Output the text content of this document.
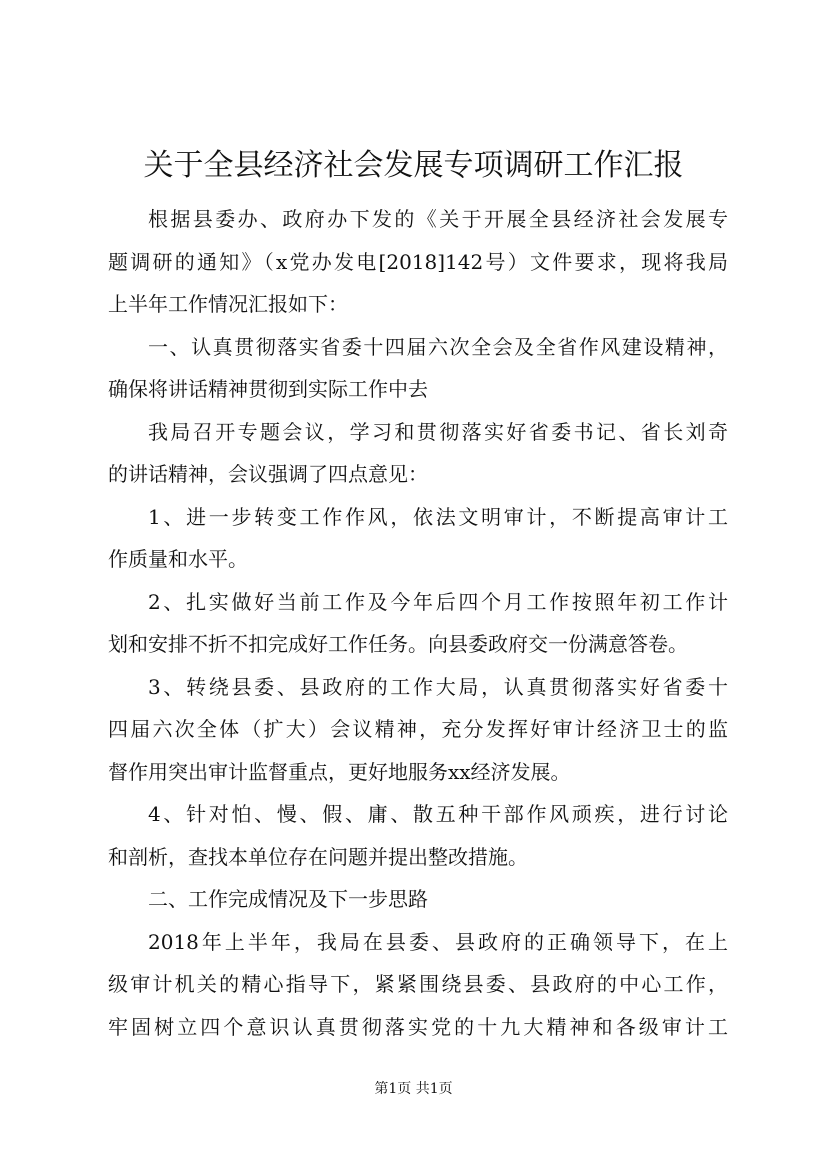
关于全县经济社会发展专项调研工作汇报
根据县委办、政府办下发的《关于开展全县经济社会发展专
题调研的通知》（x党办发电[2018]142号）文件要求，现将我局
上半年工作情况汇报如下：
一、认真贯彻落实省委十四届六次全会及全省作风建设精神，
确保将讲话精神贯彻到实际工作中去
我局召开专题会议，学习和贯彻落实好省委书记、省长刘奇
的讲话精神，会议强调了四点意见：
1、进一步转变工作作风，依法文明审计，不断提高审计工
作质量和水平。
2、扎实做好当前工作及今年后四个月工作按照年初工作计
划和安排不折不扣完成好工作任务。向县委政府交一份满意答卷。
3、转绕县委、县政府的工作大局，认真贯彻落实好省委十
四届六次全体（扩大）会议精神，充分发挥好审计经济卫士的监
督作用突出审计监督重点，更好地服务xx经济发展。
4、针对怕、慢、假、庸、散五种干部作风顽疾，进行讨论
和剖析，查找本单位存在问题并提出整改措施。
二、工作完成情况及下一步思路
2018年上半年，我局在县委、县政府的正确领导下，在上
级审计机关的精心指导下，紧紧围绕县委、县政府的中心工作，
牢固树立四个意识认真贯彻落实党的十九大精神和各级审计工
第1页 共1页
